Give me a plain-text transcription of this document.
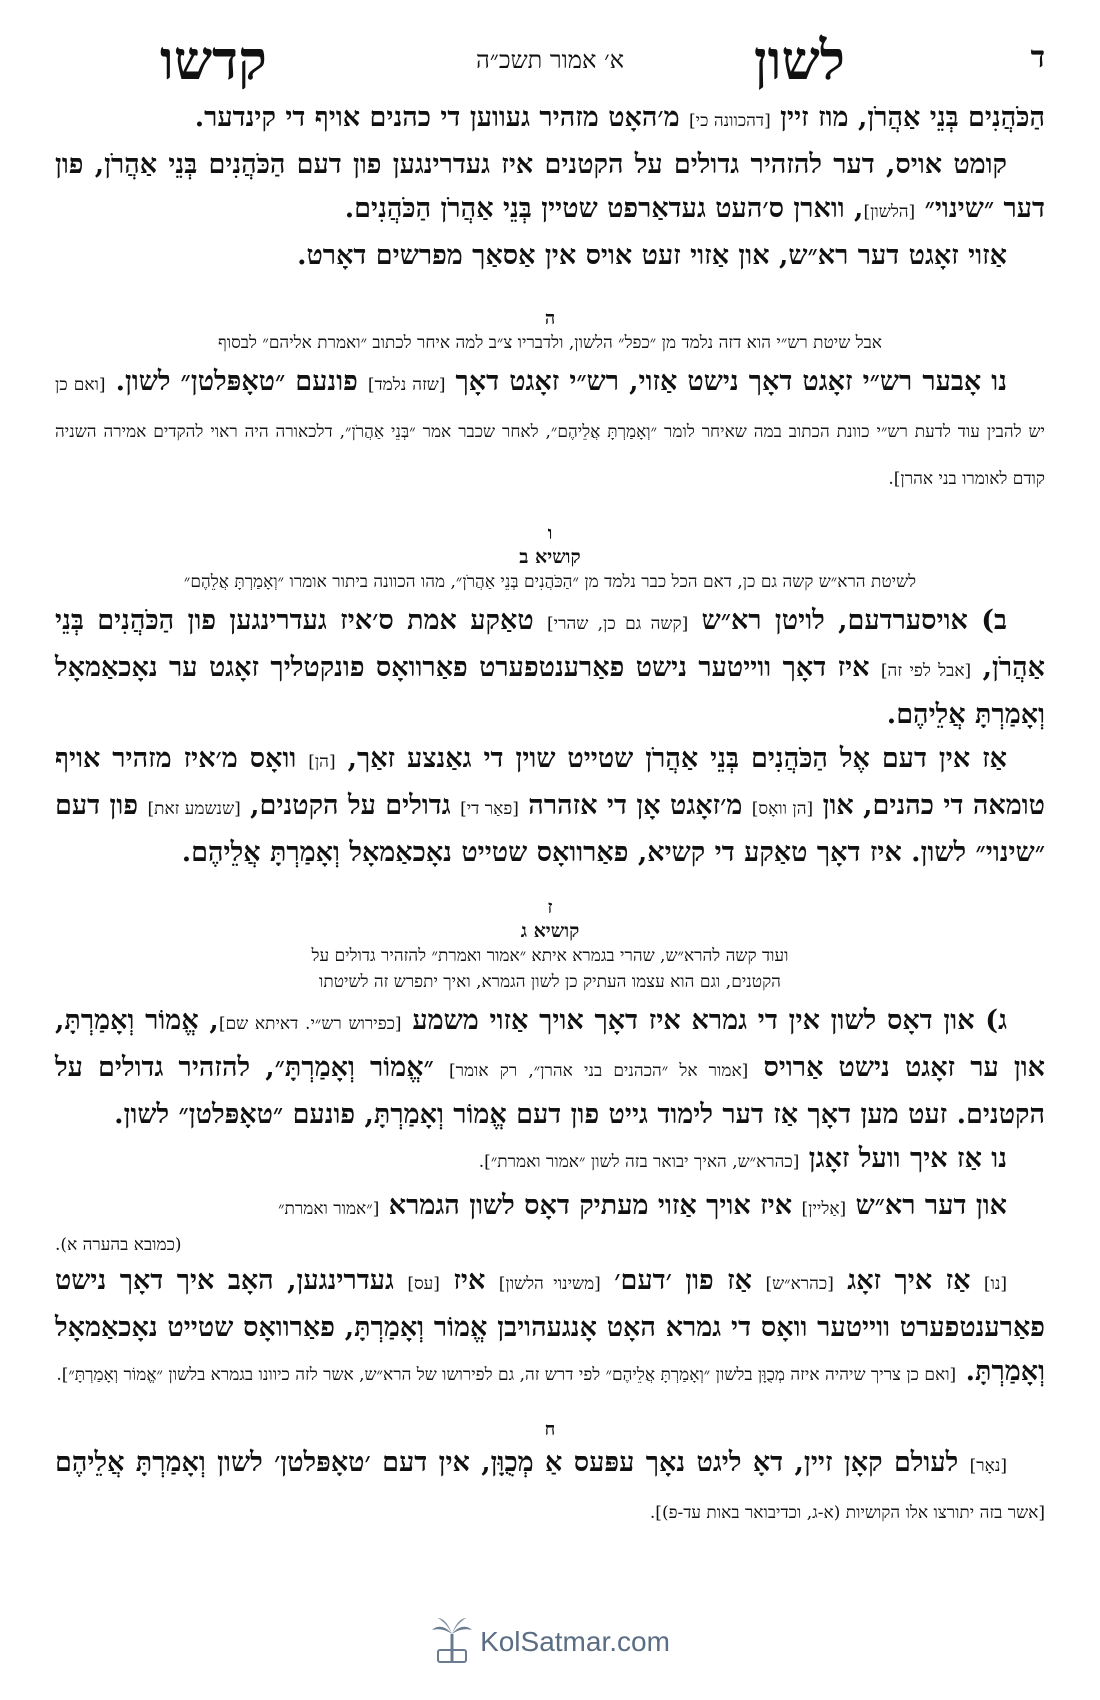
ד
לשון
א׳ אמור תשכ״ה
קדשו

הַכֹּהֲנִים בְּנֵי אַהֲרֹן, מוז זיין [דהכוונה כי] מ׳האָט מזהיר געווען די כהנים אויף די קינדער.

קומט אויס, דער להזהיר גדולים על הקטנים איז געדרינגען פון דעם הַכֹּהֲנִים בְּנֵי אַהֲרֹן, פון דער ״שינוי״ [הלשון], ווארן ס׳העט געדאַרפט שטיין בְּנֵי אַהֲרֹן הַכֹּהֲנִים.

אַזוי זאָגט דער רא״ש, און אַזוי זעט אויס אין אַסאַך מפרשים דאָרט.

ה
אבל שיטת רש״י הוא דזה נלמד מן ״כפל״ הלשון, ולדבריו צ״ב למה איחר לכתוב ״ואמרת אליהם״ לבסוף

נו אָבער רש״י זאָגט דאָך נישט אַזוי, רש״י זאָגט דאָך [שזה נלמד] פונעם ״טאָפּלטן״ לשון. [ואם כן יש להבין עוד לדעת רש״י כוונת הכתוב במה שאיחר לומר ״וְאָמַרְתָּ אֲלֵיהֶם״, לאחר שכבר אמר ״בְּנֵי אַהֲרֹן״, דלכאורה היה ראוי להקדים אמירה השניה קודם לאומרו בני אהרן].

ו
קושיא ב
לשיטת הרא״ש קשה גם כן, דאם הכל כבר נלמד מן ״הַכֹּהֲנִים בְּנֵי אַהֲרֹן״, מהו הכוונה ביתור אומרו ״וְאָמַרְתָּ אֲלֵהֶם״

ב) אויסערדעם, לויטן רא״ש [קשה גם כן, שהרי] טאַקע אמת ס׳איז געדרינגען פון הַכֹּהֲנִים בְּנֵי אַהֲרֹן, [אבל לפי זה] איז דאָך ווייטער נישט פאַרענטפערט פאַרוואָס פונקטליך זאָגט ער נאָכאַמאָל וְאָמַרְתָּ אֲלֵיהֶם.

אַז אין דעם אֶל הַכֹּהֲנִים בְּנֵי אַהֲרֹן שטייט שוין די גאַנצע זאַך, [הן] וואָס מ׳איז מזהיר אויף טומאה די כהנים, און [הן וואָס] מ׳זאָגט אָן די אזהרה [פאַר די] גדולים על הקטנים, [שנשמע זאת] פון דעם ״שינוי״ לשון. איז דאָך טאַקע די קשיא, פאַרוואָס שטייט נאָכאַמאָל וְאָמַרְתָּ אֲלֵיהֶם.

ז
קושיא ג
ועוד קשה להרא״ש, שהרי בגמרא איתא ״אמור ואמרת״ להזהיר גדולים על
הקטנים, וגם הוא עצמו העתיק כן לשון הגמרא, ואיך יתפרש זה לשיטתו

ג) און דאָס לשון אין די גמרא איז דאָך אויך אַזוי משמע [כפירוש רש״י. דאיתא שם], אֱמוֹר וְאָמַרְתָּ, און ער זאָגט נישט אַרויס [אמור אל ״הכהנים בני אהרן״, רק אומר] ״אֱמוֹר וְאָמַרְתָּ״, להזהיר גדולים על הקטנים. זעט מען דאָך אַז דער לימוד גייט פון דעם אֱמוֹר וְאָמַרְתָּ, פונעם ״טאָפּלטן״ לשון.

נו אַז איך וועל זאָגן [כהרא״ש, האיך יבואר בזה לשון ״אמור ואמרת״].

און דער רא״ש [אַליין] איז אויך אַזוי מעתיק דאָס לשון הגמרא [״אמור ואמרת״

(כמובא בהערה א).

[נו] אַז איך זאָג [כהרא״ש] אַז פון ׳דעם׳ [משינוי הלשון] איז [עס] געדרינגען, האָב איך דאָך נישט פאַרענטפערט ווייטער וואָס די גמרא האָט אָנגעהויבן אֱמוֹר וְאָמַרְתָּ, פאַרוואָס שטייט נאָכאַמאָל וְאָמַרְתָּ. [ואם כן צריך שיהיה איזה מְכֻוָּן בלשון ״וְאָמַרְתָּ אֲלֵיהֶם״ לפי דרש זה, גם לפירושו של הרא״ש, אשר לזה כיוונו בגמרא בלשון ״אֱמוֹר וְאָמַרְתָּ״].

ח

[נאָר] לעולם קאָן זיין, דאָ ליגט נאָך עפּעס אַ מְכֻוָּן, אין דעם ׳טאָפּלטן׳ לשון וְאָמַרְתָּ אֲלֵיהֶם [אשר בזה יתורצו אלו הקושיות (א-ג, וכדיבואר באות עד-פ)].

KolSatmar.com
